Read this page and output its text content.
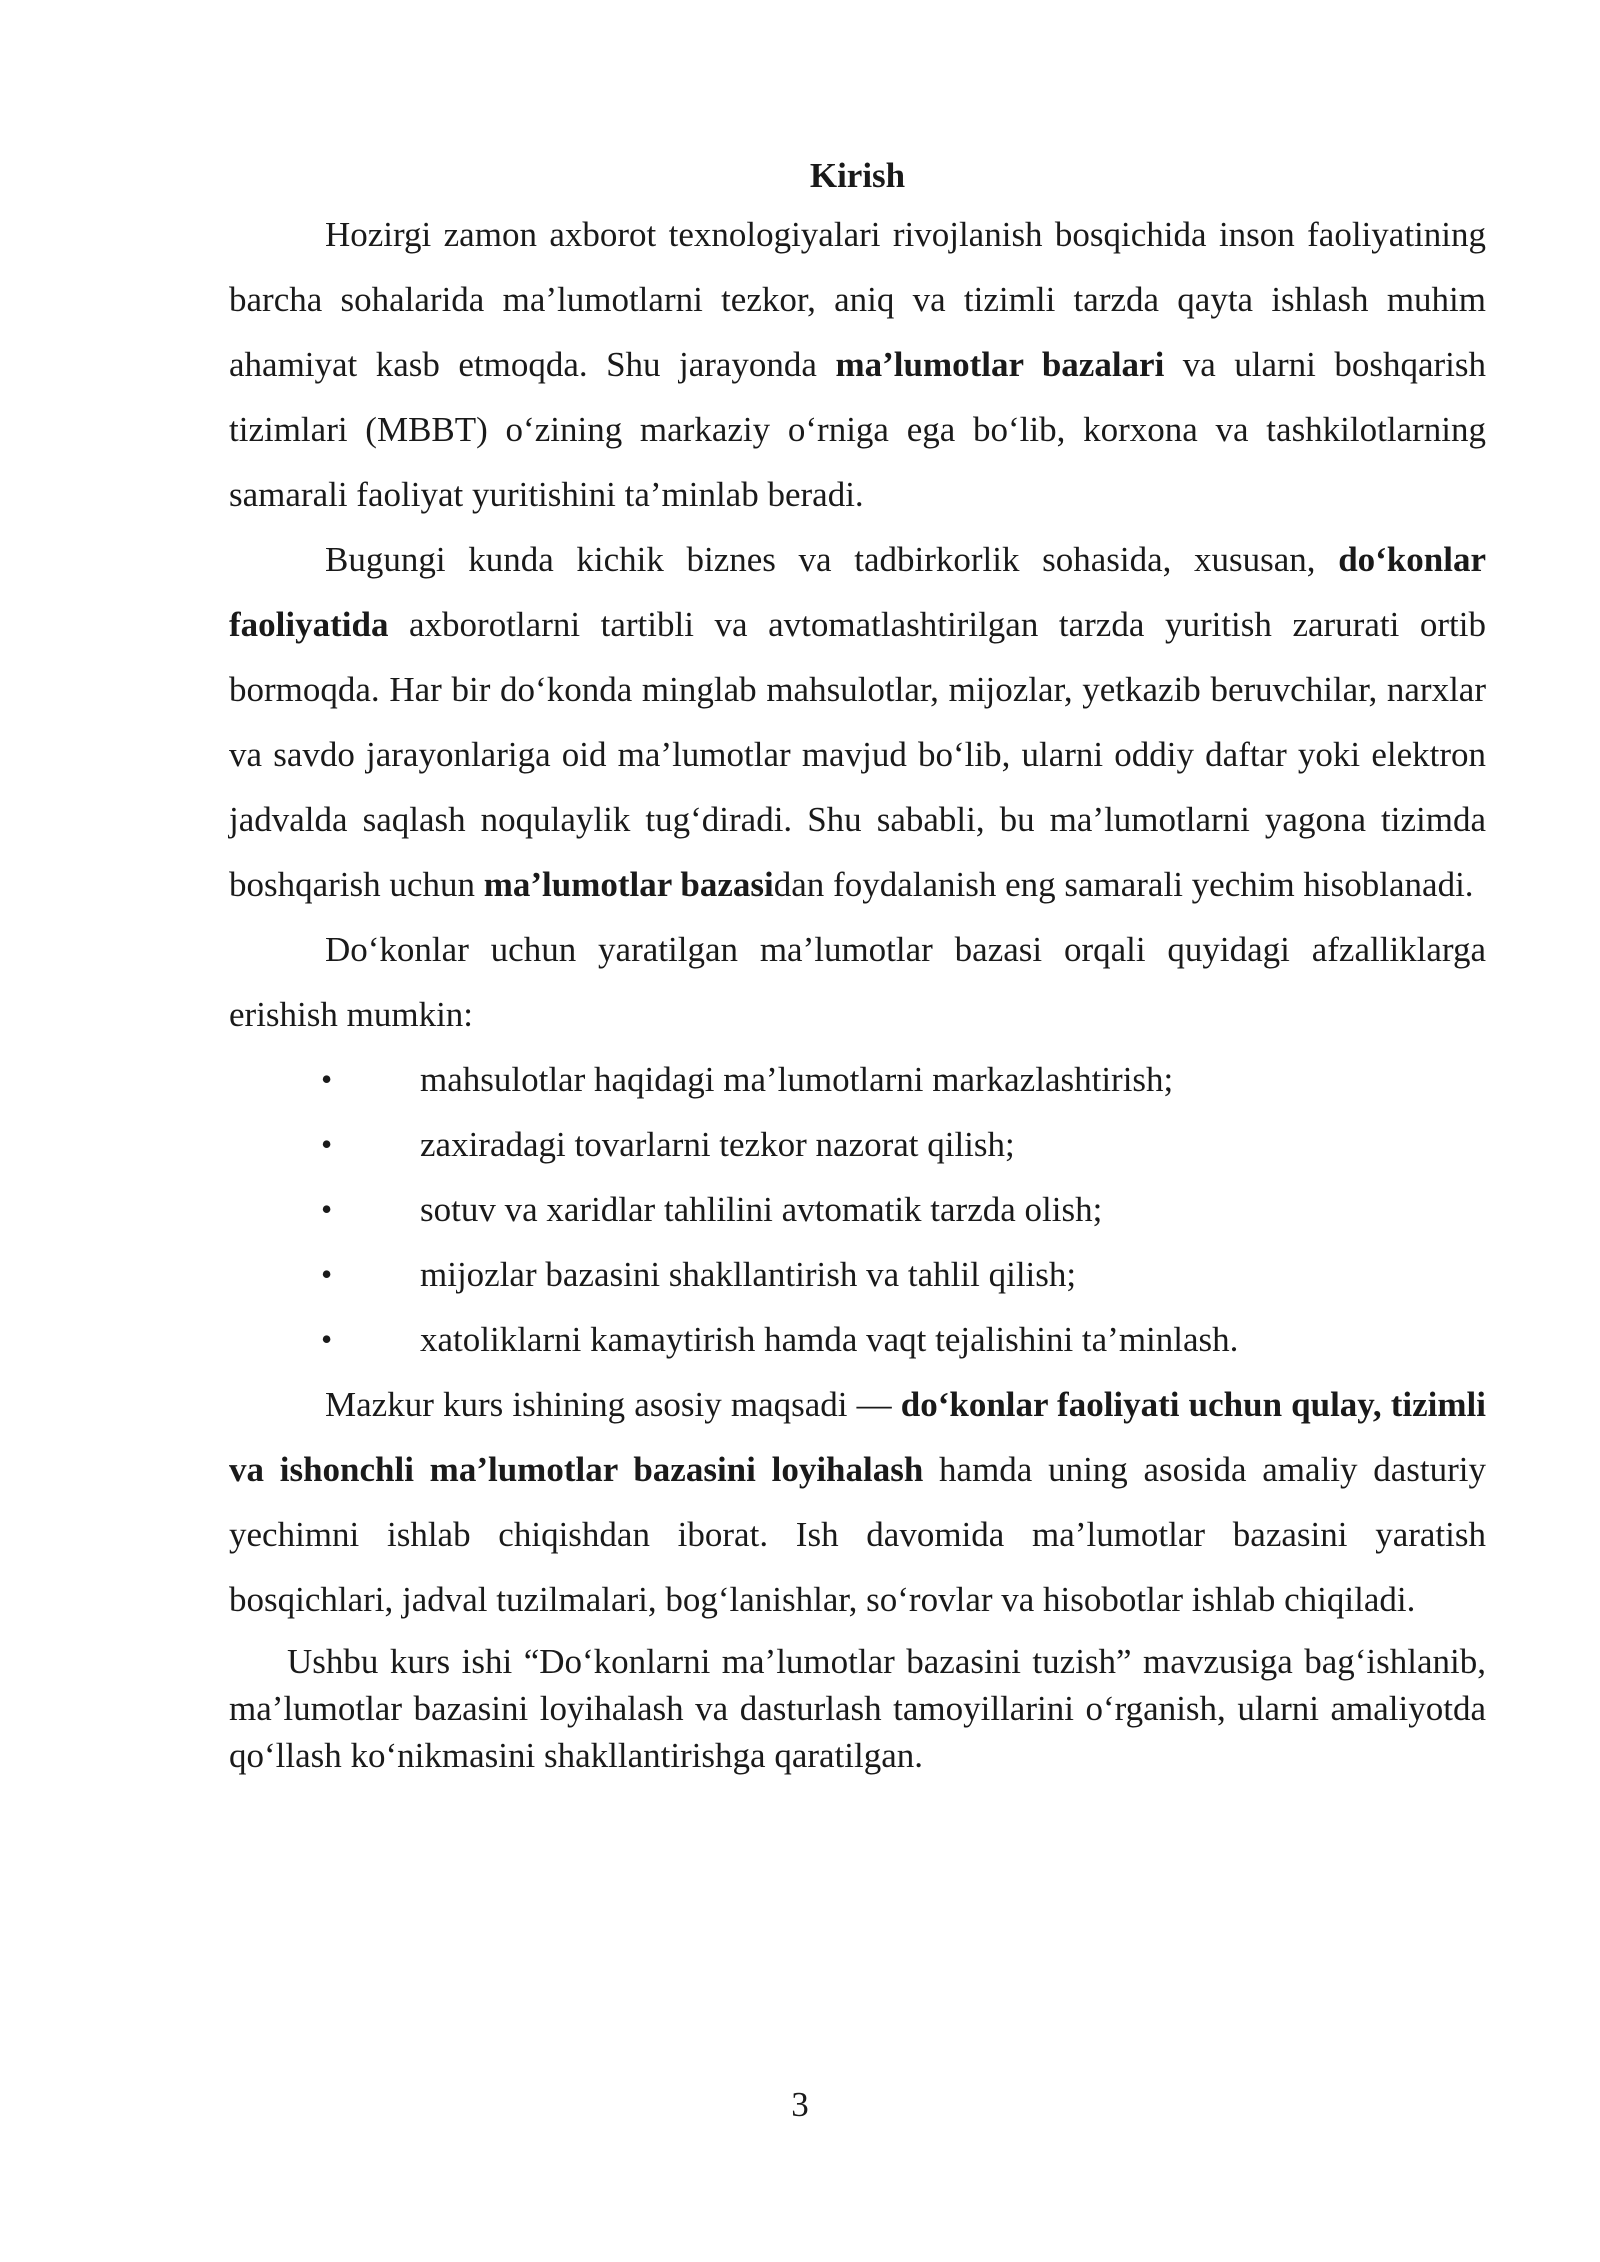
Kirish

Hozirgi zamon axborot texnologiyalari rivojlanish bosqichida inson faoliyatining barcha sohalarida ma’lumotlarni tezkor, aniq va tizimli tarzda qayta ishlash muhim ahamiyat kasb etmoqda. Shu jarayonda ma’lumotlar bazalari va ularni boshqarish tizimlari (MBBT) o‘zining markaziy o‘rniga ega bo‘lib, korxona va tashkilotlarning samarali faoliyat yuritishini ta’minlab beradi.

Bugungi kunda kichik biznes va tadbirkorlik sohasida, xususan, do‘konlar faoliyatida axborotlarni tartibli va avtomatlashtirilgan tarzda yuritish zarurati ortib bormoqda. Har bir do‘konda minglab mahsulotlar, mijozlar, yetkazib beruvchilar, narxlar va savdo jarayonlariga oid ma’lumotlar mavjud bo‘lib, ularni oddiy daftar yoki elektron jadvalda saqlash noqulaylik tug‘diradi. Shu sababli, bu ma’lumotlarni yagona tizimda boshqarish uchun ma’lumotlar bazasidan foydalanish eng samarali yechim hisoblanadi.

Do‘konlar uchun yaratilgan ma’lumotlar bazasi orqali quyidagi afzalliklarga erishish mumkin:

•	mahsulotlar haqidagi ma’lumotlarni markazlashtirish;
•	zaxiradagi tovarlarni tezkor nazorat qilish;
•	sotuv va xaridlar tahlilini avtomatik tarzda olish;
•	mijozlar bazasini shakllantirish va tahlil qilish;
•	xatoliklarni kamaytirish hamda vaqt tejalishini ta’minlash.

Mazkur kurs ishining asosiy maqsadi — do‘konlar faoliyati uchun qulay, tizimli va ishonchli ma’lumotlar bazasini loyihalash hamda uning asosida amaliy dasturiy yechimni ishlab chiqishdan iborat. Ish davomida ma’lumotlar bazasini yaratish bosqichlari, jadval tuzilmalari, bog‘lanishlar, so‘rovlar va hisobotlar ishlab chiqiladi.

Ushbu kurs ishi “Do‘konlarni ma’lumotlar bazasini tuzish” mavzusiga bag‘ishlanib, ma’lumotlar bazasini loyihalash va dasturlash tamoyillarini o‘rganish, ularni amaliyotda qo‘llash ko‘nikmasini shakllantirishga qaratilgan.

3
